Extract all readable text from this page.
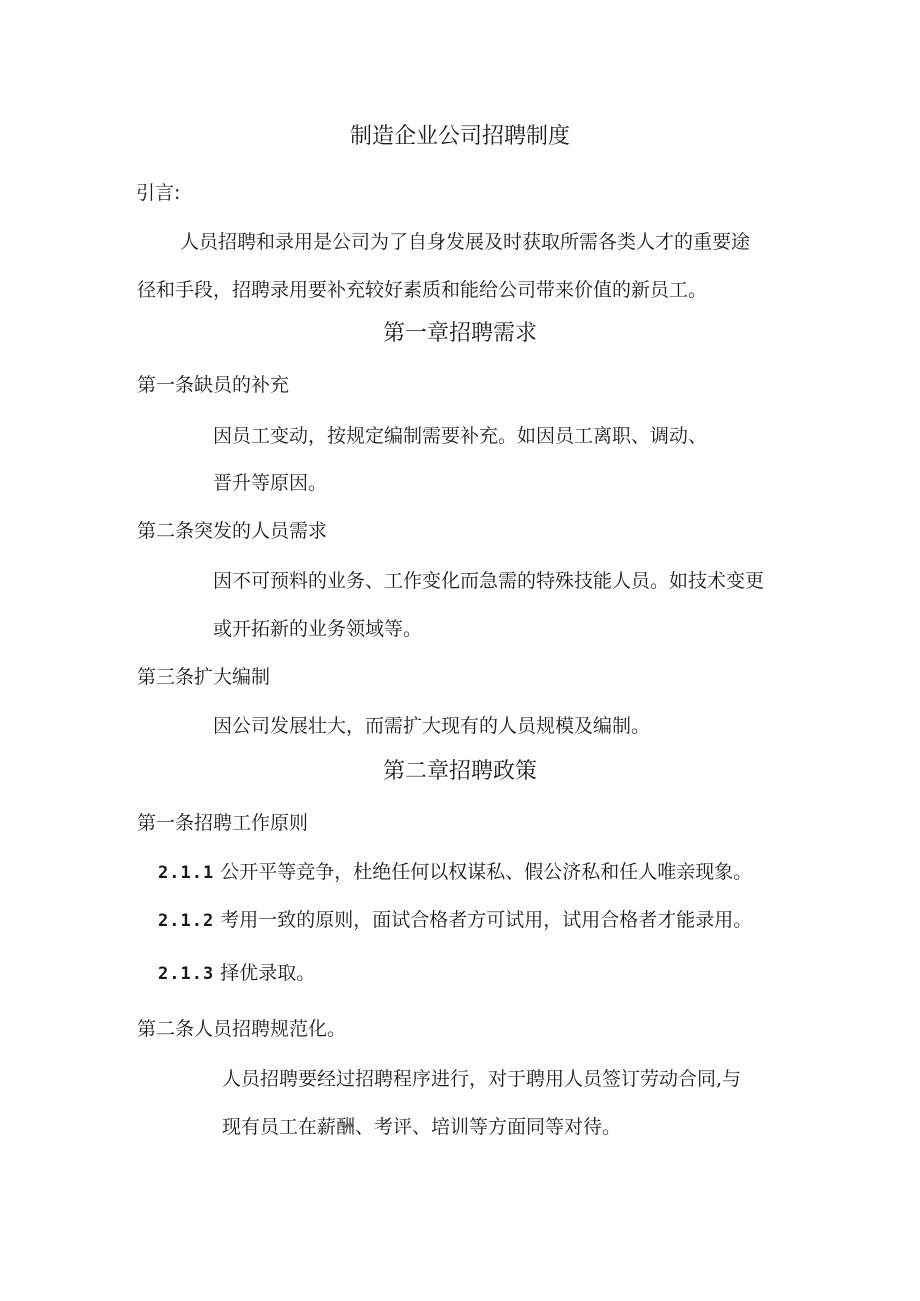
制造企业公司招聘制度
引言:
人员招聘和录用是公司为了自身发展及时获取所需各类人才的重要途
径和手段，招聘录用要补充较好素质和能给公司带来价值的新员工。
第一章招聘需求
第一条缺员的补充
因员工变动，按规定编制需要补充。如因员工离职、调动、
晋升等原因。
第二条突发的人员需求
因不可预料的业务、工作变化而急需的特殊技能人员。如技术变更
或开拓新的业务领域等。
第三条扩大编制
因公司发展壮大，而需扩大现有的人员规模及编制。
第二章招聘政策
第一条招聘工作原则
2.1.1 公开平等竞争，杜绝任何以权谋私、假公济私和任人唯亲现象。
2.1.2 考用一致的原则，面试合格者方可试用，试用合格者才能录用。
2.1.3 择优录取。
第二条人员招聘规范化。
人员招聘要经过招聘程序进行，对于聘用人员签订劳动合同,与
现有员工在薪酬、考评、培训等方面同等对待。
